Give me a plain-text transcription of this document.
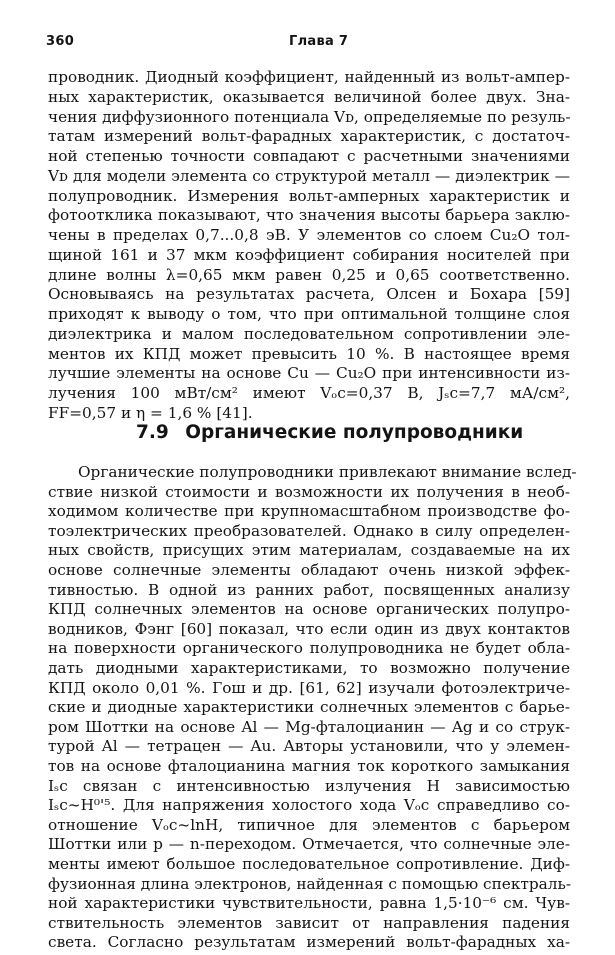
360	Глава 7
проводник. Диодный коэффициент, найденный из вольт-ампер-
ных характеристик, оказывается величиной более двух. Зна-
чения диффузионного потенциала Vᴅ, определяемые по резуль-
татам измерений вольт-фарадных характеристик, с достаточ-
ной степенью точности совпадают с расчетными значениями
Vᴅ для модели элемента со структурой металл — диэлектрик —
полупроводник. Измерения вольт-амперных характеристик и
фотоотклика показывают, что значения высоты барьера заклю-
чены в пределах 0,7...0,8 эВ. У элементов со слоем Cu₂O тол-
щиной 161 и 37 мкм коэффициент собирания носителей при
длине волны λ=0,65 мкм равен 0,25 и 0,65 соответственно.
Основываясь на результатах расчета, Олсен и Бохара [59]
приходят к выводу о том, что при оптимальной толщине слоя
диэлектрика и малом последовательном сопротивлении эле-
ментов их КПД может превысить 10 %. В настоящее время
лучшие элементы на основе Cu — Cu₂O при интенсивности из-
лучения 100 мВт/см² имеют Vₒc=0,37 В, Jₛc=7,7 мА/см²,
FF=0,57 и η = 1,6 % [41].
7.9 Органические полупроводники
Органические полупроводники привлекают внимание вслед-
ствие низкой стоимости и возможности их получения в необ-
ходимом количестве при крупномасштабном производстве фо-
тоэлектрических преобразователей. Однако в силу определен-
ных свойств, присущих этим материалам, создаваемые на их
основе солнечные элементы обладают очень низкой эффек-
тивностью. В одной из ранних работ, посвященных анализу
КПД солнечных элементов на основе органических полупро-
водников, Фэнг [60] показал, что если один из двух контактов
на поверхности органического полупроводника не будет обла-
дать диодными характеристиками, то возможно получение
КПД около 0,01 %. Гош и др. [61, 62] изучали фотоэлектриче-
ские и диодные характеристики солнечных элементов с барье-
ром Шоттки на основе Al — Mg-фталоцианин — Ag и со струк-
турой Al — тетрацен — Au. Авторы установили, что у элемен-
тов на основе фталоцианина магния ток короткого замыкания
Iₛc связан с интенсивностью излучения H зависимостью
Iₛc~H⁰'⁵. Для напряжения холостого хода Vₒc справедливо со-
отношение Vₒc~lnH, типичное для элементов с барьером
Шоттки или p — n-переходом. Отмечается, что солнечные эле-
менты имеют большое последовательное сопротивление. Диф-
фузионная длина электронов, найденная с помощью спектраль-
ной характеристики чувствительности, равна 1,5·10⁻⁶ см. Чув-
ствительность элементов зависит от направления падения
света. Согласно результатам измерений вольт-фарадных ха-
